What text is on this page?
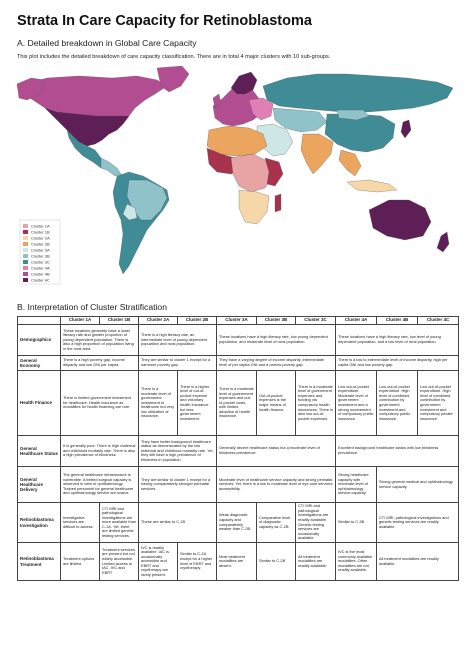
Strata In Care Capacity for Retinoblastoma
A. Detailed breakdown in Global Care Capacity
This plot includes the detailed breakdown of care capacity classification. There are in total 4 major clusters with 10 sub-groups.
Cluster 1A
Cluster 1B
Cluster 2A
Cluster 2B
Cluster 3A
Cluster 3B
Cluster 3C
Cluster 4A
Cluster 4B
Cluster 4C
B. Interpretation of Cluster Stratification
	Cluster 1A	Cluster 1B	Cluster 2A	Cluster 2B	Cluster 3A	Cluster 3B	Cluster 3C	Cluster 4A	Cluster 4B	Cluster 4C
Demographics	These locations generally have a lower literacy rate and greater proportion of young dependent population. There is also a high proportion of population living in the rural area.		There is a high literacy rate, an intermediate level of young dependent population and rural population.		These locations have a high literacy rate, low young dependent population, and moderate level of rural population.			These locations have a high literacy rate, low level of young dependent population, and a low level of rural population.		
General Economy	There is a high poverty gap, income disparity and low GNI per capita.		They are similar to cluster 1 except for a narrower poverty gap.		They have a varying degree of income disparity, intermediate level of per capita GNI and a narrow poverty gap.			There is a low to intermediate level of income disparity, high per capita GNI and low poverty gap.		
Health Finance	There is limited government investment for healthcare. Health insurance as modalities for health financing are rare.		There is a moderate level of government investment to healthcare but very low utilization of insurance.	There is a higher level of out-of-pocket expense and voluntary health insurance but less government investment.	There is a moderate level of government expenses and out-of-pocket costs, with limited adoption of health insurance.	Out-of-pocket expenses is the major means of health finance.	There is a moderate level of government expenses and funding via compulsory health insurances. There is also low out-of-pocket expenses.	Low out-of-pocket expenditure. Moderate level of government investment and a strong involvement of compulsory public insurance.	Low out-of-pocket expenditure. High level of combined contribution by government investment and compulsory public insurance.	Low out-of-pocket expenditure. High level of combined contribution by government investment and compulsory private insurance.
General Healthcare Status	It is generally poor. There is high maternal and childhood mortality rate. There is also a high prevalence of blindness.		They have better background healthcare status as demonstrated by the low maternal and childhood mortality rate. Yet, they still have a high prevalence of blindness in population.		Generally decent healthcare status but a moderate level of blindness prevalence.			Excellent background healthcare status with low blindness prevalence.		
General Healthcare Delivery	The general healthcare infrastructure is vulnerable. A limited surgical capacity is observed in view of ophthalmology. Trained personnel for general healthcare and ophthalmology service are scarce.		They are similar to cluster 1 except for a having comparatively stronger perinatal services.		Moderate level of healthcare service capacity and strong perinatal services. Yet, there is a low to moderate level of eye care services accessibility.			Strong healthcare capacity with moderate level of ophthalmology service capacity.	Strong general medical and ophthalmology service capacity.	
Retinoblastoma Investigation	Investigative services are difficult to access.	CT/ MRI and pathological investigations are more available than C-1A. Yet, there are limited genetic testing services.	These are similar to C-1B		Weak diagnostic capacity and comparatively weaker than C-2B.	Comparative level of diagnostic capacity as C-2B.	CT/ MRI and pathological investigations are readily available. Genetic testing services are occasionally available.	Similar to C-3B	CT/ MRI, pathological investigations and genetic testing services are readily available.	
Retinoblastoma Treatment	Treatment options are limited.	Treatment services are present but not widely accessible. Limited access to IAC, IVC and EBRT	IVC is readily available. IAC is occasionally accessible and EBRT and cryotherapy are rarely present.	Similar to C-2A except for a higher level of EBRT and cryotherapy.	Most treatment modalities are absent.	Similar to C-2B	All treatment modalities are readily available.	IVC is the most commonly available modalities. Other modalities are not readily available.	All treatment modalities are readily available.	
